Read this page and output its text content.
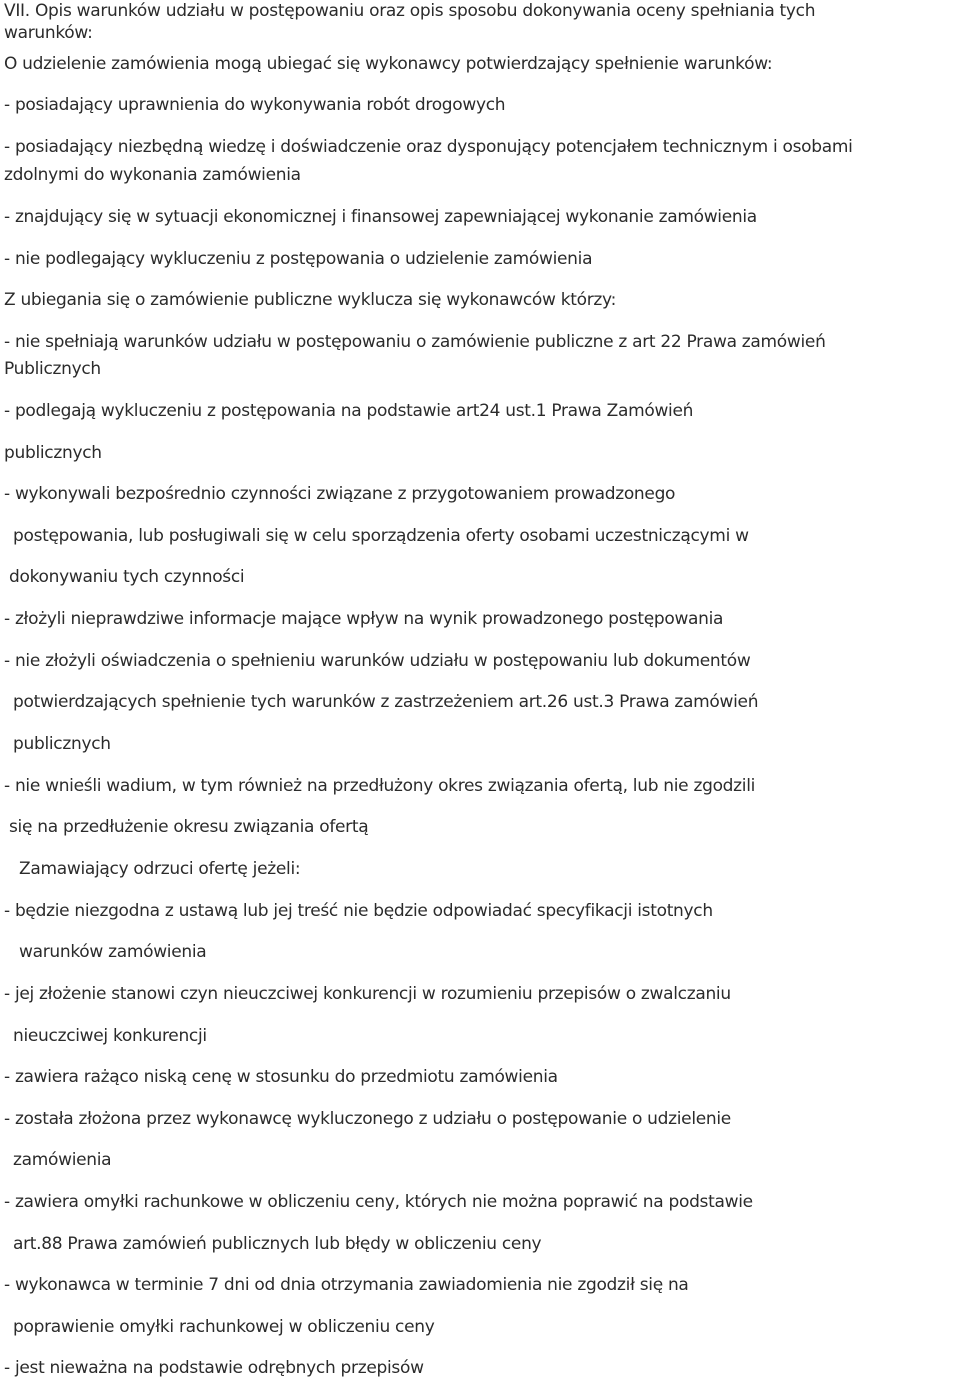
VII. Opis warunków udziału w postępowaniu oraz opis sposobu dokonywania oceny spełniania tych
warunków:
O udzielenie zamówienia mogą ubiegać się wykonawcy potwierdzający spełnienie warunków:
- posiadający uprawnienia do wykonywania robót drogowych
- posiadający niezbędną wiedzę i doświadczenie oraz dysponujący potencjałem technicznym i osobami
zdolnymi do wykonania zamówienia
- znajdujący się w sytuacji ekonomicznej i finansowej zapewniającej wykonanie zamówienia
- nie podlegający wykluczeniu z postępowania o udzielenie zamówienia
Z ubiegania się o zamówienie publiczne wyklucza się wykonawców którzy:
- nie spełniają warunków udziału w postępowaniu o zamówienie publiczne z art 22 Prawa zamówień
Publicznych
- podlegają wykluczeniu z postępowania na podstawie art24 ust.1 Prawa Zamówień
publicznych
- wykonywali bezpośrednio czynności związane z przygotowaniem prowadzonego
postępowania, lub posługiwali się w celu sporządzenia oferty osobami uczestniczącymi w
dokonywaniu tych czynności
- złożyli nieprawdziwe informacje mające wpływ na wynik prowadzonego postępowania
- nie złożyli oświadczenia o spełnieniu warunków udziału w postępowaniu lub dokumentów
potwierdzających spełnienie tych warunków z zastrzeżeniem art.26 ust.3 Prawa zamówień
publicznych
- nie wnieśli wadium, w tym również na przedłużony okres związania ofertą, lub nie zgodzili
się na przedłużenie okresu związania ofertą
Zamawiający odrzuci ofertę jeżeli:
- będzie niezgodna z ustawą lub jej treść nie będzie odpowiadać specyfikacji istotnych
warunków zamówienia
- jej złożenie stanowi czyn nieuczciwej konkurencji w rozumieniu przepisów o zwalczaniu
nieuczciwej konkurencji
- zawiera rażąco niską cenę w stosunku do przedmiotu zamówienia
- została złożona przez wykonawcę wykluczonego z udziału o postępowanie o udzielenie
zamówienia
- zawiera omyłki rachunkowe w obliczeniu ceny, których nie można poprawić na podstawie
art.88 Prawa zamówień publicznych lub błędy w obliczeniu ceny
- wykonawca w terminie 7 dni od dnia otrzymania zawiadomienia nie zgodził się na
poprawienie omyłki rachunkowej w obliczeniu ceny
- jest nieważna na podstawie odrębnych przepisów
